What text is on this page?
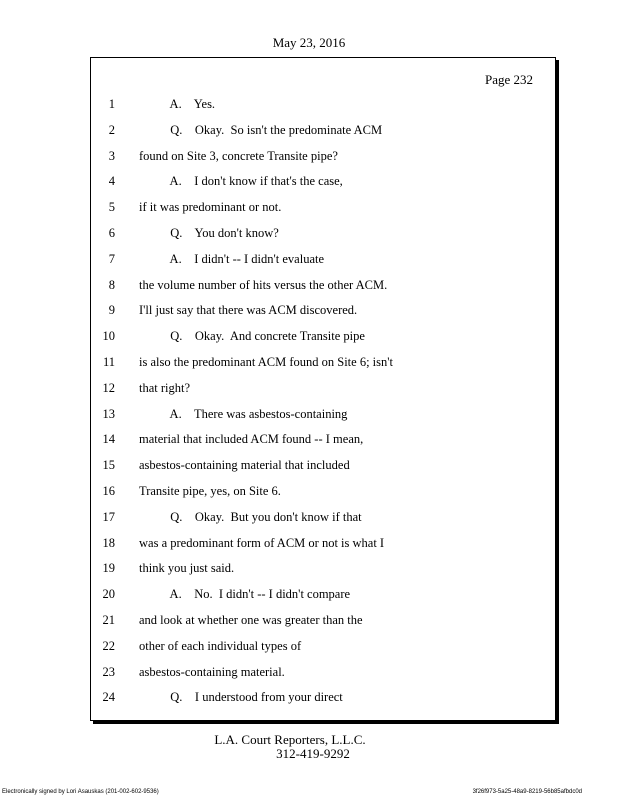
May 23, 2016
Page 232
1 A.    Yes.
2 Q.    Okay.  So isn't the predominate ACM
3 found on Site 3, concrete Transite pipe?
4 A.    I don't know if that's the case,
5 if it was predominant or not.
6 Q.    You don't know?
7 A.    I didn't -- I didn't evaluate
8 the volume number of hits versus the other ACM.
9 I'll just say that there was ACM discovered.
10 Q.    Okay.  And concrete Transite pipe
11 is also the predominant ACM found on Site 6; isn't
12 that right?
13 A.    There was asbestos-containing
14 material that included ACM found -- I mean,
15 asbestos-containing material that included
16 Transite pipe, yes, on Site 6.
17 Q.    Okay.  But you don't know if that
18 was a predominant form of ACM or not is what I
19 think you just said.
20 A.    No.  I didn't -- I didn't compare
21 and look at whether one was greater than the
22 other of each individual types of
23 asbestos-containing material.
24 Q.    I understood from your direct
L.A. Court Reporters, L.L.C.
312-419-9292
Electronically signed by Lori Asauskas (201-002-602-9536)	3f26f973-5a25-48a9-8219-56b85afbdc0d
